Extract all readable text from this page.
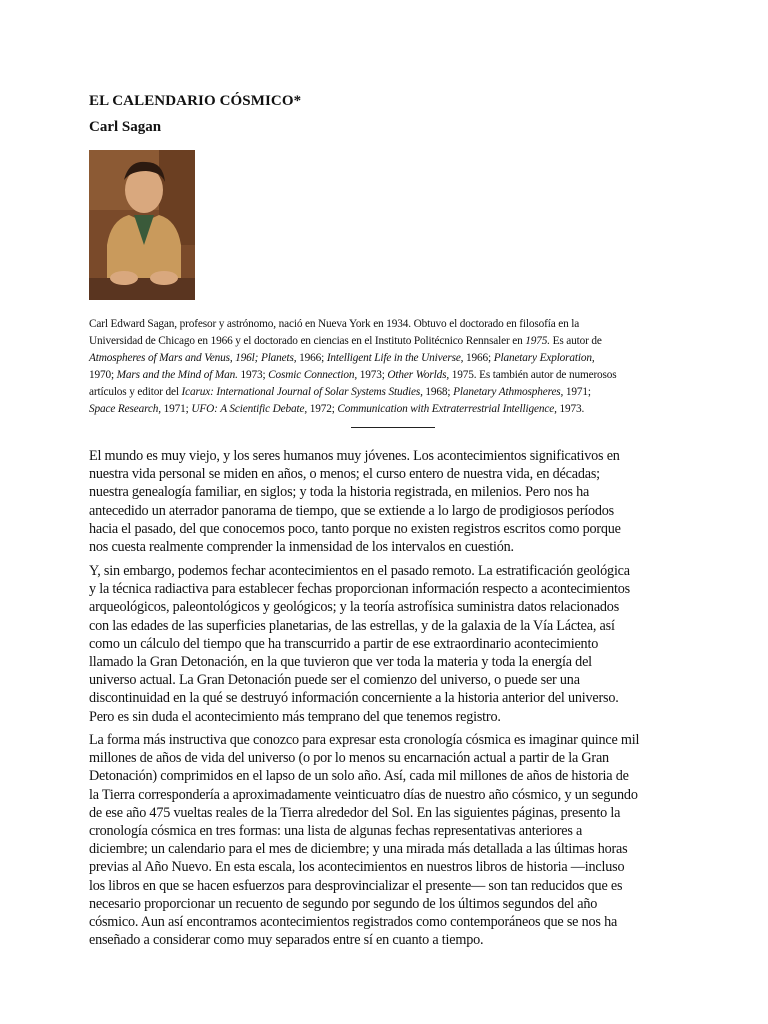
EL CALENDARIO CÓSMICO*
Carl Sagan
Carl Edward Sagan, profesor y astrónomo, nació en Nueva York en 1934. Obtuvo el doctorado en filosofía en la
Universidad de Chicago en 1966 y el doctorado en ciencias en el Instituto Politécnico Rennsaler en 1975. Es autor de
Atmospheres of Mars and Venus, 196l; Planets, 1966; Intelligent Life in the Universe, 1966; Planetary Exploration,
1970; Mars and the Mind of Man. 1973; Cosmic Connection, 1973; Other Worlds, 1975. Es también autor de numerosos
artículos y editor del Icarux: International Journal of Solar Systems Studies, 1968; Planetary Athmospheres, 1971;
Space Research, 1971; UFO: A Scientific Debate, 1972; Communication with Extraterrestrial Intelligence, 1973.
El mundo es muy viejo, y los seres humanos muy jóvenes. Los acontecimientos significativos en
nuestra vida personal se miden en años, o menos; el curso entero de nuestra vida, en décadas;
nuestra genealogía familiar, en siglos; y toda la historia registrada, en milenios. Pero nos ha
antecedido un aterrador panorama de tiempo, que se extiende a lo largo de prodigiosos períodos
hacia el pasado, del que conocemos poco, tanto porque no existen registros escritos como porque
nos cuesta realmente comprender la inmensidad de los intervalos en cuestión.
Y, sin embargo, podemos fechar acontecimientos en el pasado remoto. La estratificación geológica
y la técnica radiactiva para establecer fechas proporcionan información respecto a acontecimientos
arqueológicos, paleontológicos y geológicos; y la teoría astrofísica suministra datos relacionados
con las edades de las superficies planetarias, de las estrellas, y de la galaxia de la Vía Láctea, así
como un cálculo del tiempo que ha transcurrido a partir de ese extraordinario acontecimiento
llamado la Gran Detonación, en la que tuvieron que ver toda la materia y toda la energía del
universo actual. La Gran Detonación puede ser el comienzo del universo, o puede ser una
discontinuidad en la qué se destruyó información concerniente a la historia anterior del universo.
Pero es sin duda el acontecimiento más temprano del que tenemos registro.
La forma más instructiva que conozco para expresar esta cronología cósmica es imaginar quince mil
millones de años de vida del universo (o por lo menos su encarnación actual a partir de la Gran
Detonación) comprimidos en el lapso de un solo año. Así, cada mil millones de años de historia de
la Tierra correspondería a aproximadamente veinticuatro días de nuestro año cósmico, y un segundo
de ese año 475 vueltas reales de la Tierra alrededor del Sol. En las siguientes páginas, presento la
cronología cósmica en tres formas: una lista de algunas fechas representativas anteriores a
diciembre; un calendario para el mes de diciembre; y una mirada más detallada a las últimas horas
previas al Año Nuevo. En esta escala, los acontecimientos en nuestros libros de historia —incluso
los libros en que se hacen esfuerzos para desprovincializar el presente— son tan reducidos que es
necesario proporcionar un recuento de segundo por segundo de los últimos segundos del año
cósmico. Aun así encontramos acontecimientos registrados como contemporáneos que se nos ha
enseñado a considerar como muy separados entre sí en cuanto a tiempo.
